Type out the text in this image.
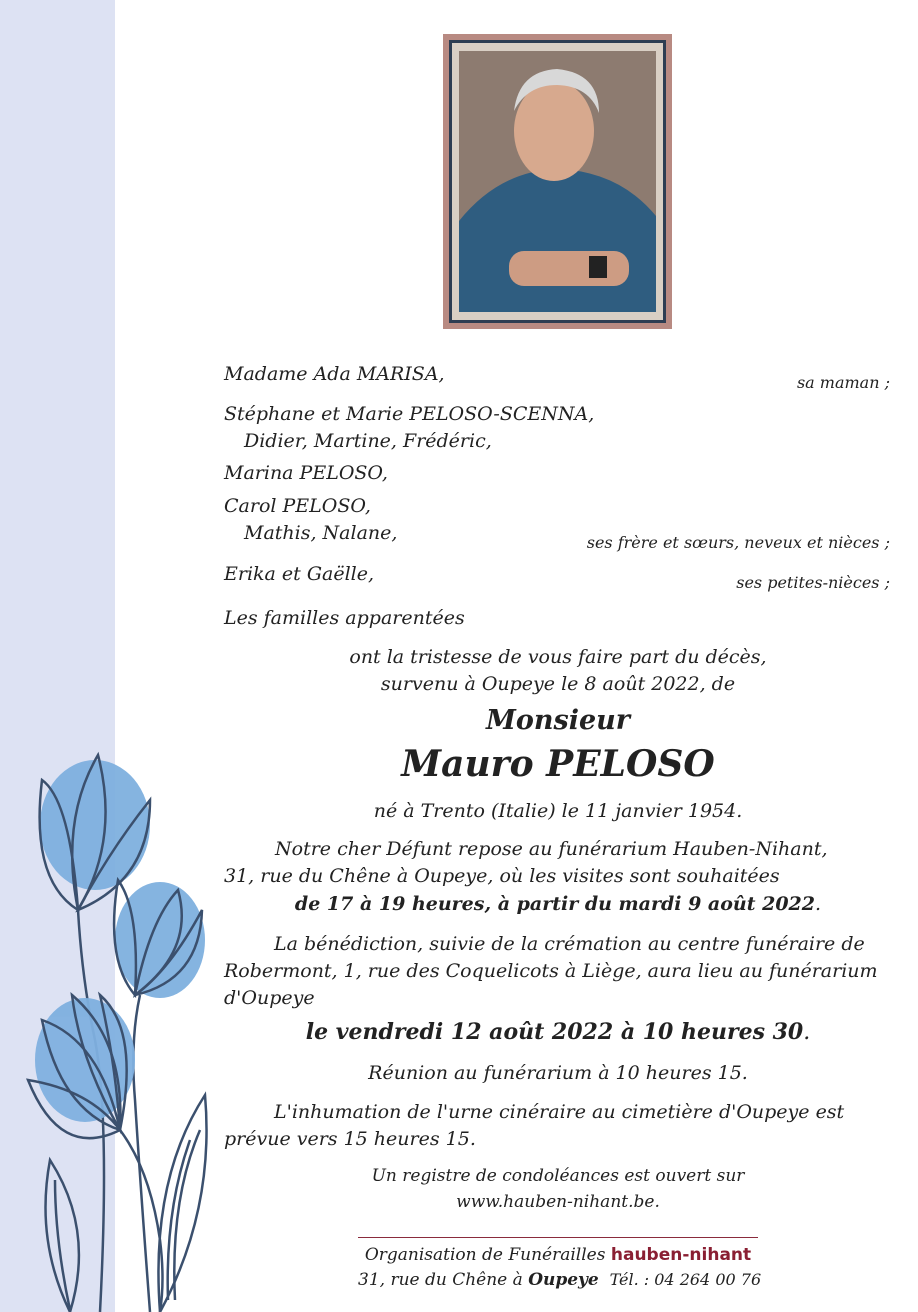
Madame Ada MARISA,	sa maman ;
Stéphane et Marie PELOSO-SCENNA,
Didier, Martine, Frédéric,
Marina PELOSO,
Carol PELOSO,
Mathis, Nalane,	ses frère et sœurs, neveux et nièces ;
Erika et Gaëlle,	ses petites-nièces ;
Les familles apparentées
ont la tristesse de vous faire part du décès,
survenu à Oupeye le 8 août 2022, de
Monsieur
Mauro PELOSO
né à Trento (Italie) le 11 janvier 1954.
Notre cher Défunt repose au funérarium Hauben-Nihant,
31, rue du Chêne à Oupeye, où les visites sont souhaitées
de 17 à 19 heures, à partir du mardi 9 août 2022.
La bénédiction, suivie de la crémation au centre funéraire de Robermont, 1, rue des Coquelicots à Liège, aura lieu au funérarium d'Oupeye
le vendredi 12 août 2022 à 10 heures 30.
Réunion au funérarium à 10 heures 15.
L'inhumation de l'urne cinéraire au cimetière d'Oupeye est prévue vers 15 heures 15.
Un registre de condoléances est ouvert sur
www.hauben-nihant.be.
Organisation de Funérailles hauben-nihant
31, rue du Chêne à Oupeye Tél. : 04 264 00 76
